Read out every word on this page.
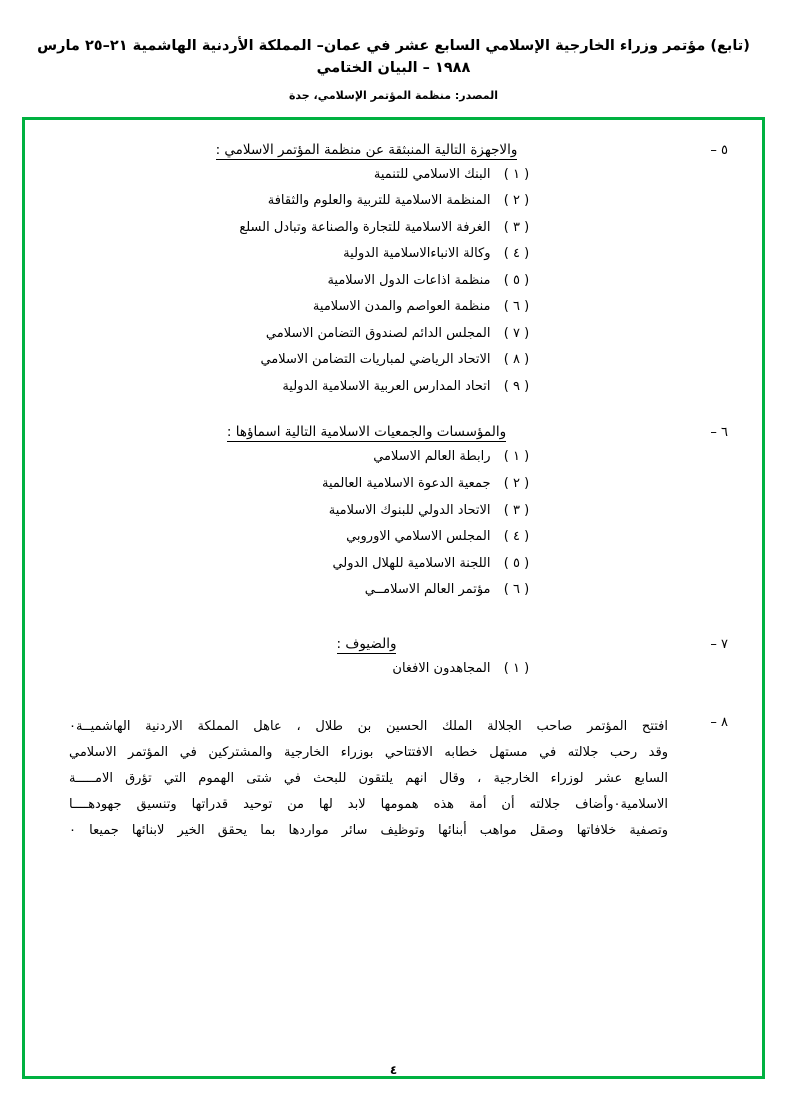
(تابع) مؤتمر وزراء الخارجية الإسلامي السابع عشر في عمان– المملكة الأردنية الهاشمية ٢١–٢٥ مارس ١٩٨٨ – البيان الختامي
المصدر: منظمة المؤتمر الإسلامي، جدة
٥ –
والاجهزة التالية المنبثقة عن منظمة المؤتمر الاسلامي :
( ١ )
البنك الاسلامي للتنمية
( ٢ )
المنظمة الاسلامية للتربية والعلوم والثقافة
( ٣ )
الغرفة الاسلامية للتجارة والصناعة وتبادل السلع
( ٤ )
وكالة الانباءالاسلامية الدولية
( ٥ )
منظمة اذاعات الدول الاسلامية
( ٦ )
منظمة العواصم والمدن الاسلامية
( ٧ )
المجلس الدائم لصندوق التضامن الاسلامي
( ٨ )
الاتحاد الرياضي لمباريات التضامن الاسلامي
( ٩ )
اتحاد المدارس العربية الاسلامية الدولية
٦ –
والمؤسسات والجمعيات الاسلامية التالية اسماؤها :
( ١ )
رابطة العالم الاسلامي
( ٢ )
جمعية الدعوة الاسلامية العالمية
( ٣ )
الاتحاد الدولي للبنوك الاسلامية
( ٤ )
المجلس الاسلامي الاوروبي
( ٥ )
اللجنة الاسلامية للهلال الدولي
( ٦ )
مؤتمر العالم الاسلامــي
٧ –
والضيوف :
( ١ )
المجاهدون الافغان
٨ –

افتتح المؤتمر صاحب الجلالة الملك الحسين بن طلال ، عاهل المملكة الاردنية الهاشميــة٠

وقد رحب جلالته في مستهل خطابه الافتتاحي بوزراء الخارجية والمشتركين في المؤتمر الاسلامي

السابع عشر لوزراء الخارجية ، وقال انهم يلتقون للبحث في شتى الهموم التي تؤرق الامـــــة

الاسلامية٠وأضاف جلالته أن أمة هذه همومها لابد لها من توحيد قدراتها وتنسيق جهودهــــا

وتصفية خلافاتها وصقل مواهب أبنائها وتوظيف سائر مواردها بما يحقق الخير لابنائها جميعا ٠

٤
